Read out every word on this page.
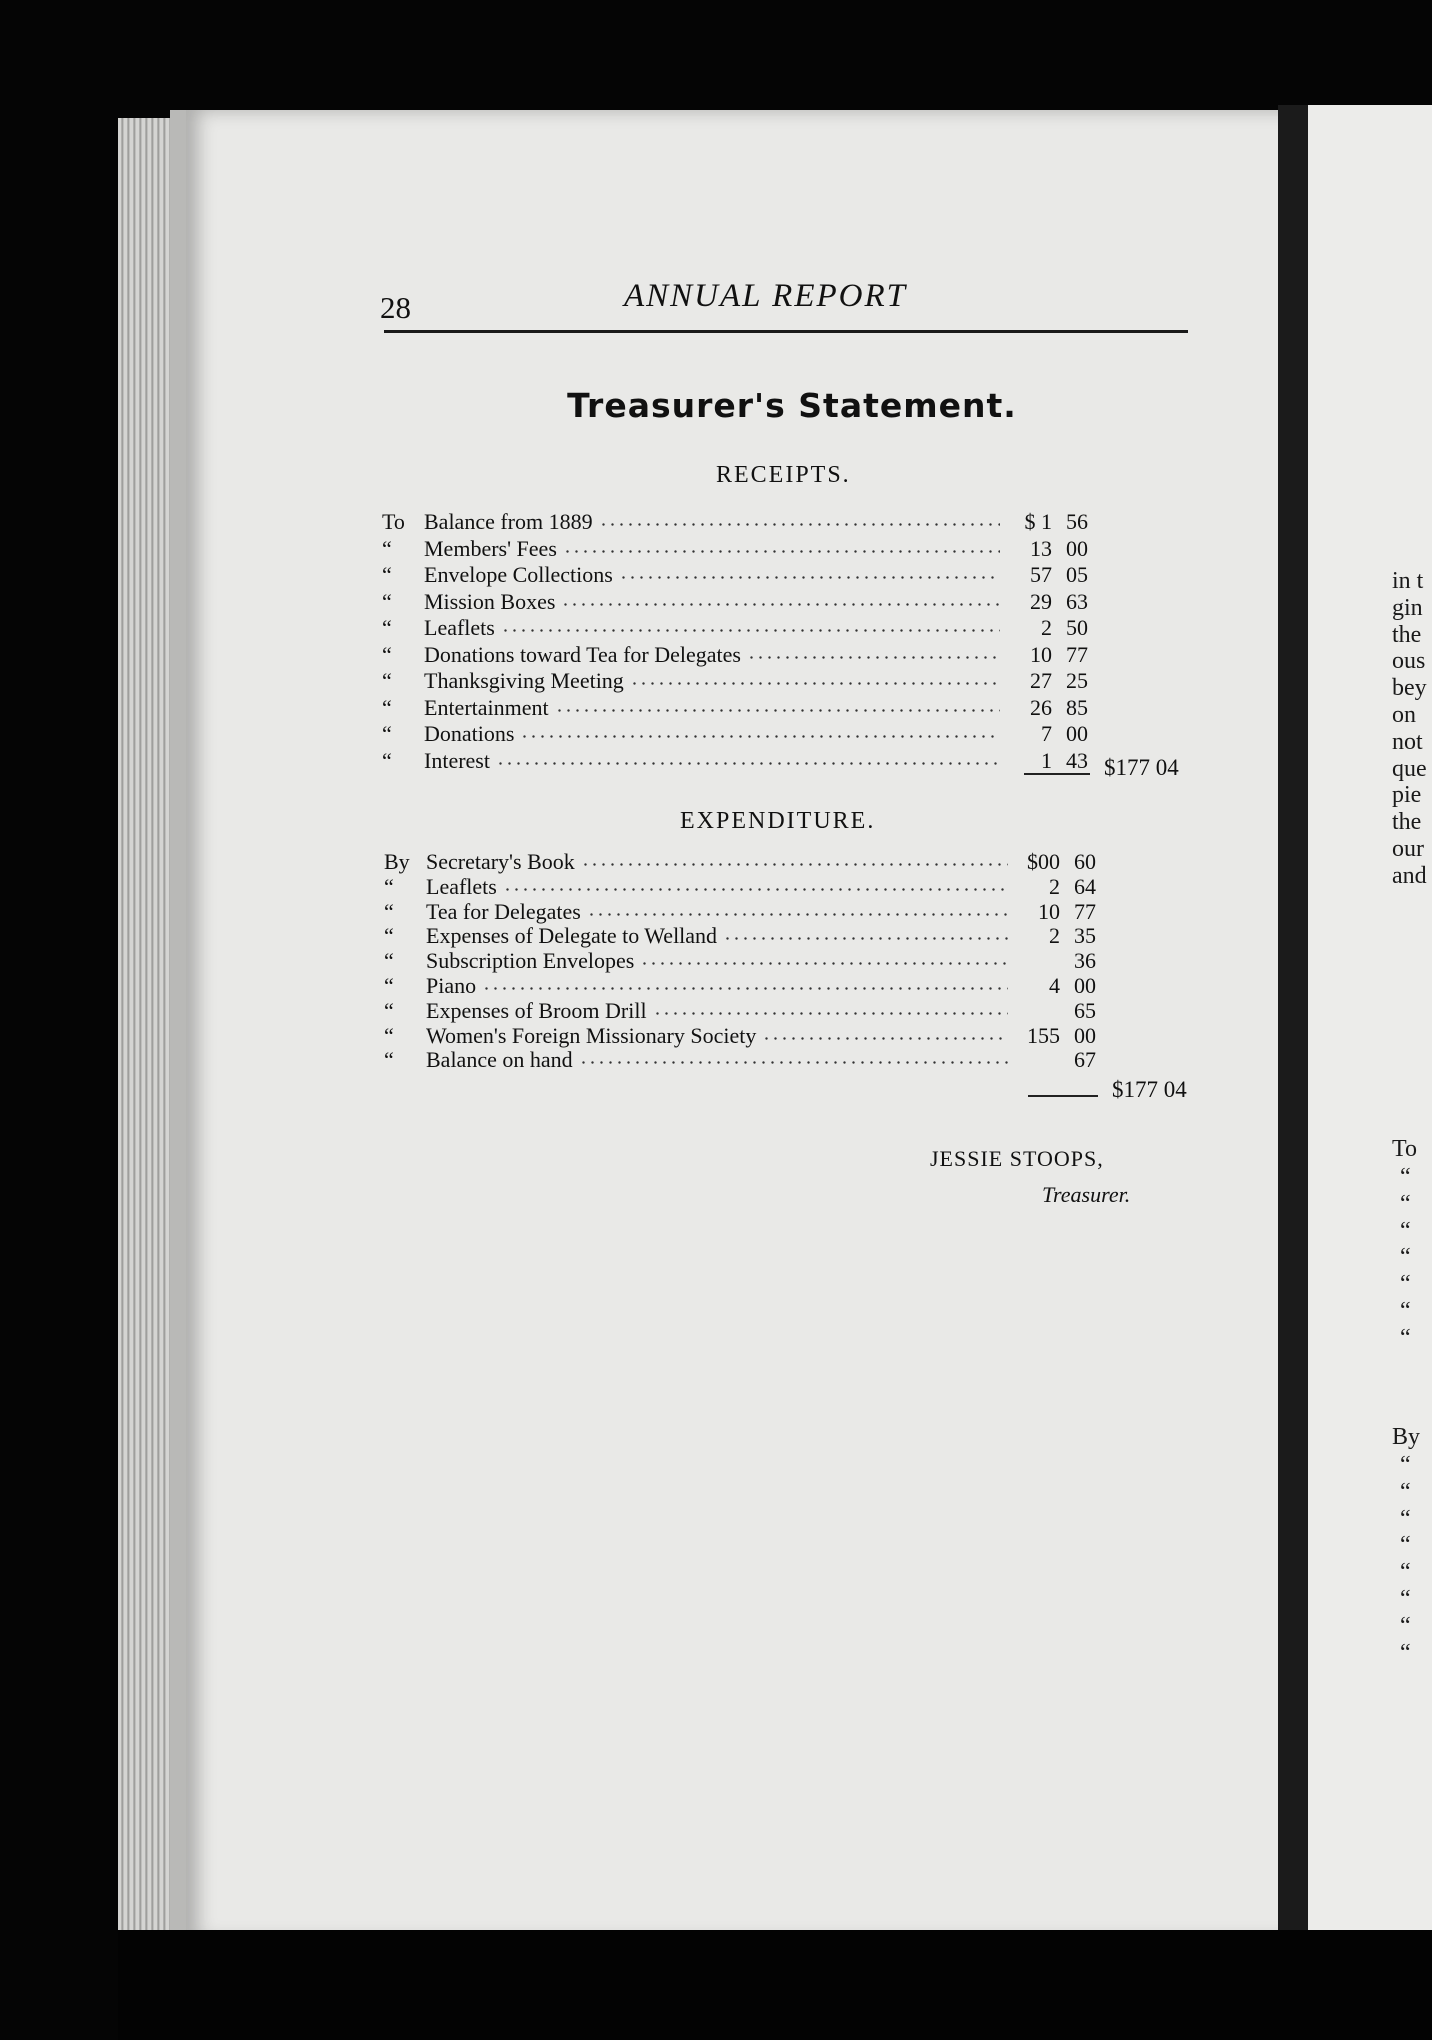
28	ANNUAL REPORT
Treasurer's Statement.
RECEIPTS.
To Balance from 1889	$ 1 56
“ Members' Fees	13 00
“ Envelope Collections	57 05
“ Mission Boxes	29 63
“ Leaflets	2 50
“ Donations toward Tea for Delegates	10 77
“ Thanksgiving Meeting	27 25
“ Entertainment	26 85
“ Donations	7 00
“ Interest	1 43 $177 04
EXPENDITURE.
By Secretary's Book	$00 60
“ Leaflets	2 64
“ Tea for Delegates	10 77
“ Expenses of Delegate to Welland	2 35
“ Subscription Envelopes	36
“ Piano	4 00
“ Expenses of Broom Drill	65
“ Women's Foreign Missionary Society	155 00
“ Balance on hand	67
$177 04
JESSIE STOOPS,
Treasurer.
in t
gin
the
ous
bey
on
not
que
pie
the
our
and
To
“
“
“
“
“
“
“
By
“
“
“
“
“
“
“
“
